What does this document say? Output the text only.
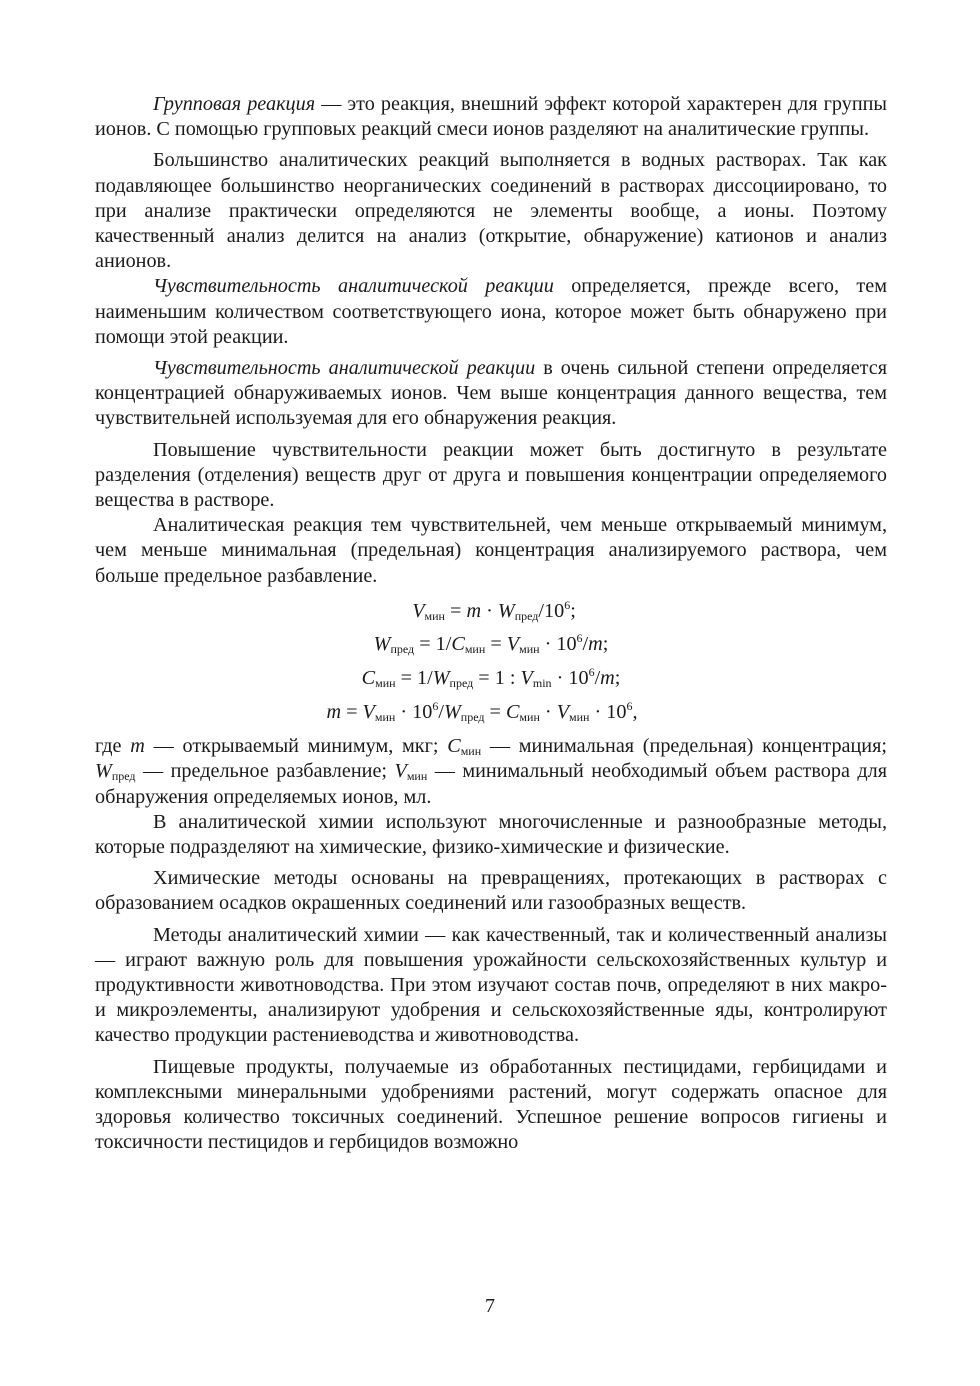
Групповая реакция — это реакция, внешний эффект которой характерен для группы ионов. С помощью групповых реакций смеси ионов разделяют на аналитические группы.

Большинство аналитических реакций выполняется в водных растворах. Так как подавляющее большинство неорганических соединений в растворах диссоциировано, то при анализе практически определяются не элементы вообще, а ионы. Поэтому качественный анализ делится на анализ (открытие, обнаружение) катионов и анализ анионов.

Чувствительность аналитической реакции определяется, прежде всего, тем наименьшим количеством соответствующего иона, которое может быть обнаружено при помощи этой реакции.

Чувствительность аналитической реакции в очень сильной степени определяется концентрацией обнаруживаемых ионов. Чем выше концентрация данного вещества, тем чувствительней используемая для его обнаружения реакция.

Повышение чувствительности реакции может быть достигнуто в результате разделения (отделения) веществ друг от друга и повышения концентрации определяемого вещества в растворе.

Аналитическая реакция тем чувствительней, чем меньше открываемый минимум, чем меньше минимальная (предельная) концентрация анализируемого раствора, чем больше предельное разбавление.

$V_{мин} = m \cdot W_{пред}/10^6$;

$W_{пред} = 1/C_{мин} = V_{мин} \cdot 10^6/m$;

$C_{мин} = 1/W_{пред} = 1$ : $V_{min} \cdot 10^6/m$;

$m = V_{мин} \cdot 10^6/W_{пред} = C_{мин} \cdot V_{мин} \cdot 10^6$,

где m — открываемый минимум, мкг; $C_{мин}$ — минимальная (предельная) концентрация; $W_{пред}$ — предельное разбавление; $V_{мин}$ — минимальный необходимый объем раствора для обнаружения определяемых ионов, мл.

В аналитической химии используют многочисленные и разнообразные методы, которые подразделяют на химические, физико-химические и физические.

Химические методы основаны на превращениях, протекающих в растворах с образованием осадков окрашенных соединений или газообразных веществ.

Методы аналитический химии — как качественный, так и количественный анализы — играют важную роль для повышения урожайности сельскохозяйственных культур и продуктивности животноводства. При этом изучают состав почв, определяют в них макро- и микроэлементы, анализируют удобрения и сельскохозяйственные яды, контролируют качество продукции растениеводства и животноводства.

Пищевые продукты, получаемые из обработанных пестицидами, гербицидами и комплексными минеральными удобрениями растений, могут содержать опасное для здоровья количество токсичных соединений. Успешное решение вопросов гигиены и токсичности пестицидов и гербицидов возможно

7
